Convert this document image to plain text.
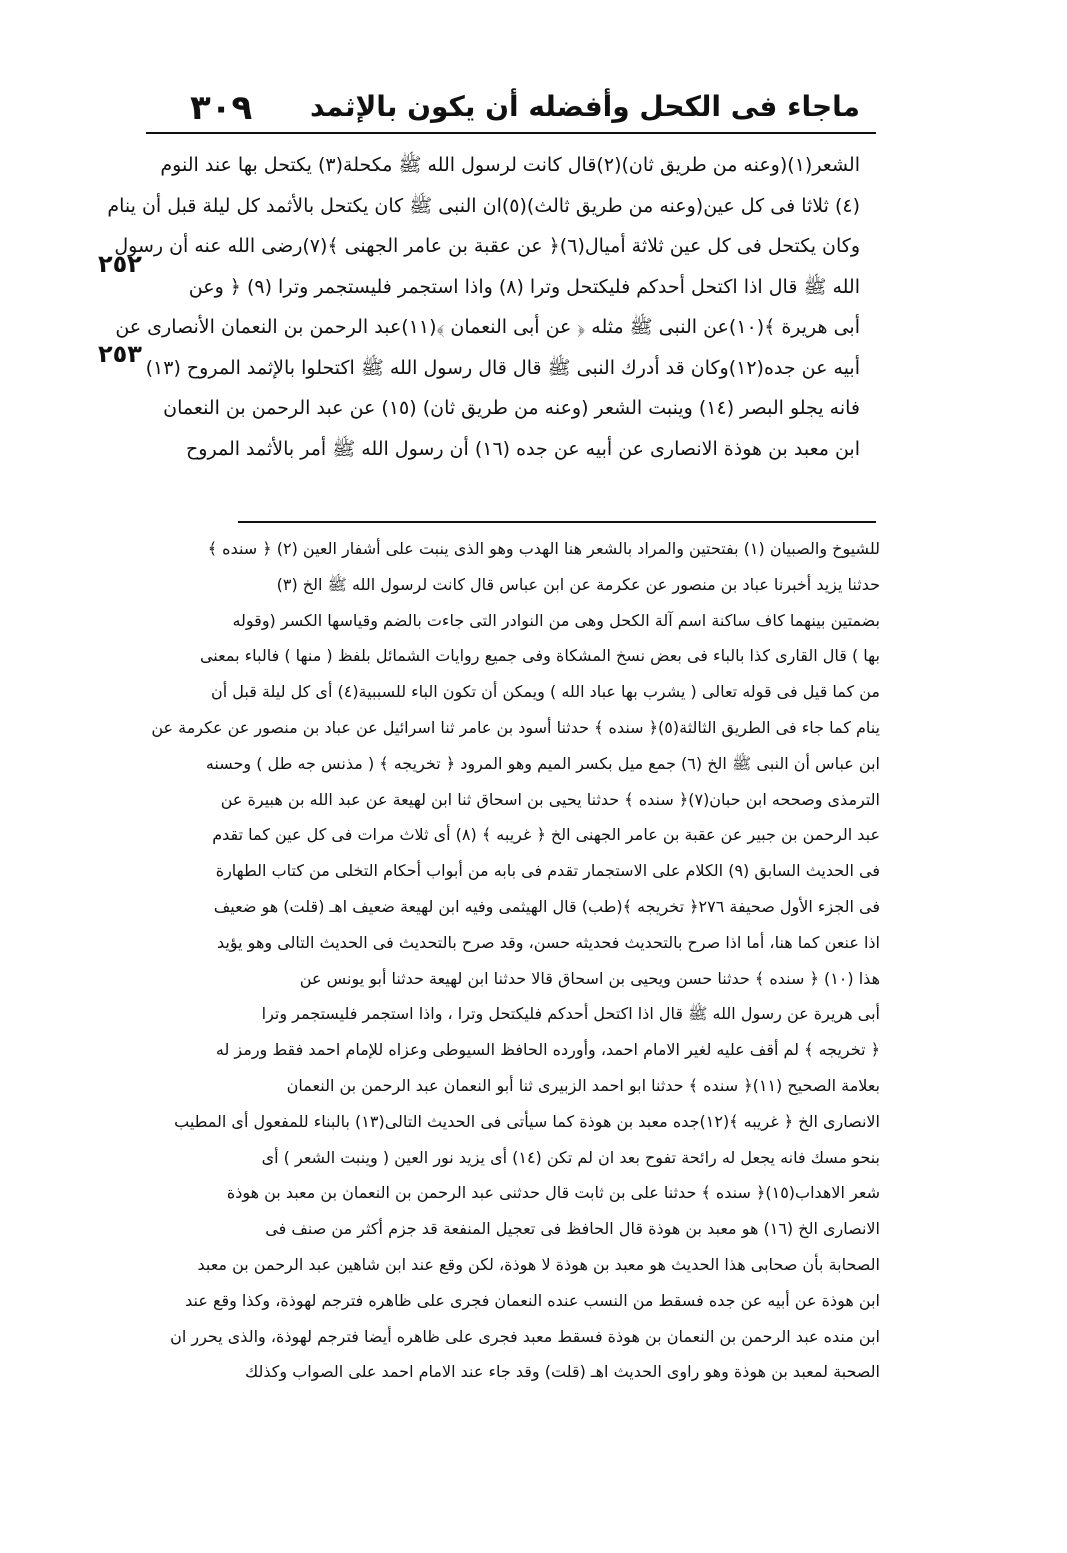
٣٠٩ ماجاء فى الكحل وأفضله أن يكون بالإثمد
٢٥٢
٢٥٣
الشعر(١)(وعنه من طريق ثان)(٢)قال كانت لرسول الله ﷺ مكحلة(٣) يكتحل بها عند النوم
(٤) ثلاثا فى كل عين(وعنه من طريق ثالث)(٥)ان النبى ﷺ كان يكتحل بالأثمد كل ليلة قبل أن ينام
وكان يكتحل فى كل عين ثلاثة أميال(٦)﴿ عن عقبة بن عامر الجهنى ﴾(٧)رضى الله عنه أن رسول
الله ﷺ قال اذا اكتحل أحدكم فليكتحل وترا (٨) واذا استجمر فليستجمر وترا (٩) ﴿ وعن
أبى هريرة ﴾(١٠)عن النبى ﷺ مثله ﴿ عن أبى النعمان ﴾(١١)عبد الرحمن بن النعمان الأنصارى عن
أبيه عن جده(١٢)وكان قد أدرك النبى ﷺ قال قال رسول الله ﷺ اكتحلوا بالإثمد المروح (١٣)
فانه يجلو البصر (١٤) وينبت الشعر (وعنه من طريق ثان) (١٥) عن عبد الرحمن بن النعمان
ابن معبد بن هوذة الانصارى عن أبيه عن جده (١٦) أن رسول الله ﷺ أمر بالأثمد المروح
للشيوخ والصبيان (١) بفتحتين والمراد بالشعر هنا الهدب وهو الذى ينبت على أشفار العين (٢) ﴿ سنده ﴾
حدثنا يزيد أخبرنا عباد بن منصور عن عكرمة عن ابن عباس قال كانت لرسول الله ﷺ الخ (٣)
بضمتين بينهما كاف ساكنة اسم آلة الكحل وهى من النوادر التى جاءت بالضم وقياسها الكسر (وقوله
بها ) قال القارى كذا بالباء فى بعض نسخ المشكاة وفى جميع روايات الشمائل بلفظ ( منها ) فالباء بمعنى
من كما قيل فى قوله تعالى ( يشرب بها عباد الله ) ويمكن أن تكون الباء للسببية(٤) أى كل ليلة قبل أن
ينام كما جاء فى الطريق الثالثة(٥)﴿ سنده ﴾ حدثنا أسود بن عامر ثنا اسرائيل عن عباد بن منصور عن عكرمة عن
ابن عباس أن النبى ﷺ الخ (٦) جمع ميل بكسر الميم وهو المرود ﴿ تخريجه ﴾ ( مذنس جه طل ) وحسنه
الترمذى وصححه ابن حبان(٧)﴿ سنده ﴾ حدثنا يحيى بن اسحاق ثنا ابن لهيعة عن عبد الله بن هبيرة عن
عبد الرحمن بن جبير عن عقبة بن عامر الجهنى الخ ﴿ غريبه ﴾ (٨) أى ثلاث مرات فى كل عين كما تقدم
فى الحديث السابق (٩) الكلام على الاستجمار تقدم فى بابه من أبواب أحكام التخلى من كتاب الطهارة
فى الجزء الأول صحيفة ٢٧٦﴿ تخريجه ﴾(طب) قال الهيثمى وفيه ابن لهيعة ضعيف اهـ (قلت) هو ضعيف
اذا عنعن كما هنا، أما اذا صرح بالتحديث فحديثه حسن، وقد صرح بالتحديث فى الحديث التالى وهو يؤيد
هذا (١٠) ﴿ سنده ﴾ حدثنا حسن ويحيى بن اسحاق قالا حدثنا ابن لهيعة حدثنا أبو يونس عن
أبى هريرة عن رسول الله ﷺ قال اذا اكتحل أحدكم فليكتحل وترا ، واذا استجمر فليستجمر وترا
﴿ تخريجه ﴾ لم أقف عليه لغير الامام احمد، وأورده الحافظ السيوطى وعزاه للإمام احمد فقط ورمز له
بعلامة الصحيح (١١)﴿ سنده ﴾ حدثنا ابو احمد الزبيرى ثنا أبو النعمان عبد الرحمن بن النعمان
الانصارى الخ ﴿ غريبه ﴾(١٢)جده معبد بن هوذة كما سيأتى فى الحديث التالى(١٣) بالبناء للمفعول أى المطيب
بنحو مسك فانه يجعل له رائحة تفوح بعد ان لم تكن (١٤) أى يزيد نور العين ( وينبت الشعر ) أى
شعر الاهداب(١٥)﴿ سنده ﴾ حدثنا على بن ثابت قال حدثنى عبد الرحمن بن النعمان بن معبد بن هوذة
الانصارى الخ (١٦) هو معبد بن هوذة قال الحافظ فى تعجيل المنفعة قد جزم أكثر من صنف فى
الصحابة بأن صحابى هذا الحديث هو معبد بن هوذة لا هوذة، لكن وقع عند ابن شاهين عبد الرحمن بن معبد
ابن هوذة عن أبيه عن جده فسقط من النسب عنده النعمان فجرى على ظاهره فترجم لهوذة، وكذا وقع عند
ابن منده عبد الرحمن بن النعمان بن هوذة فسقط معبد فجرى على ظاهره أيضا فترجم لهوذة، والذى يحرر ان
الصحبة لمعبد بن هوذة وهو راوى الحديث اهـ (قلت) وقد جاء عند الامام احمد على الصواب وكذلك
